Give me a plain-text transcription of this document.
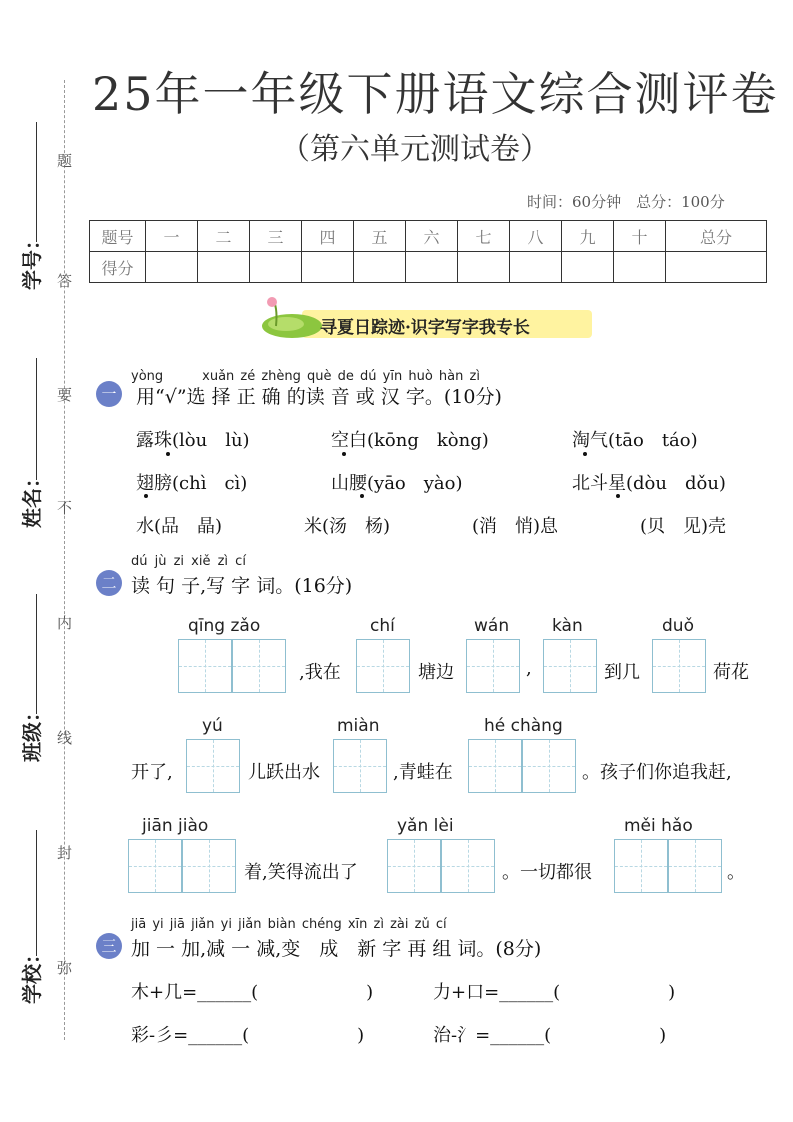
题
答
要
不
内
线
封
弥
学号：
姓名：
班级：
学校：
25年一年级下册语文综合测评卷
（第六单元测试卷）
时间：60分钟　总分：100分
题号	一	二	三	四	五	六	七	八	九	十	总分
得分											
寻夏日踪迹·识字写字我专长
yòng　　　xuǎn zé zhèng què de dú yīn huò hàn zì
一 用“√”选 择 正 确 的读 音 或 汉 字。(10分)
露珠(lòu　lù)	空白(kōng　kòng)	淘气(tāo　táo)
翅膀(chì　cì)	山腰(yāo　yào)	北斗星(dòu　dǒu)
水(品　晶)	米(汤　杨)	(消　悄)息	(贝　见)壳
dú jù zi xiě zì cí
二 读 句 子,写 字 词。(16分)
qīng zǎo	chí	wán	kàn	duǒ
,我在	塘边	,	到几	荷花
yú	miàn	hé chàng
开了,	儿跃出水	,青蛙在	。孩子们你追我赶,
jiān jiào	yǎn lèi	měi hǎo
着,笑得流出了	。一切都很	。
jiā yi jiā jiǎn yi jiǎn biàn chéng xīn zì zài zǔ cí
三 加 一 加,减 一 减,变　成　新 字 再 组 词。(8分)
木+几=______(　　　　　　)	力+口=______(　　　　　　)
彩-彡=______(　　　　　　)	治-氵=______(　　　　　　)
